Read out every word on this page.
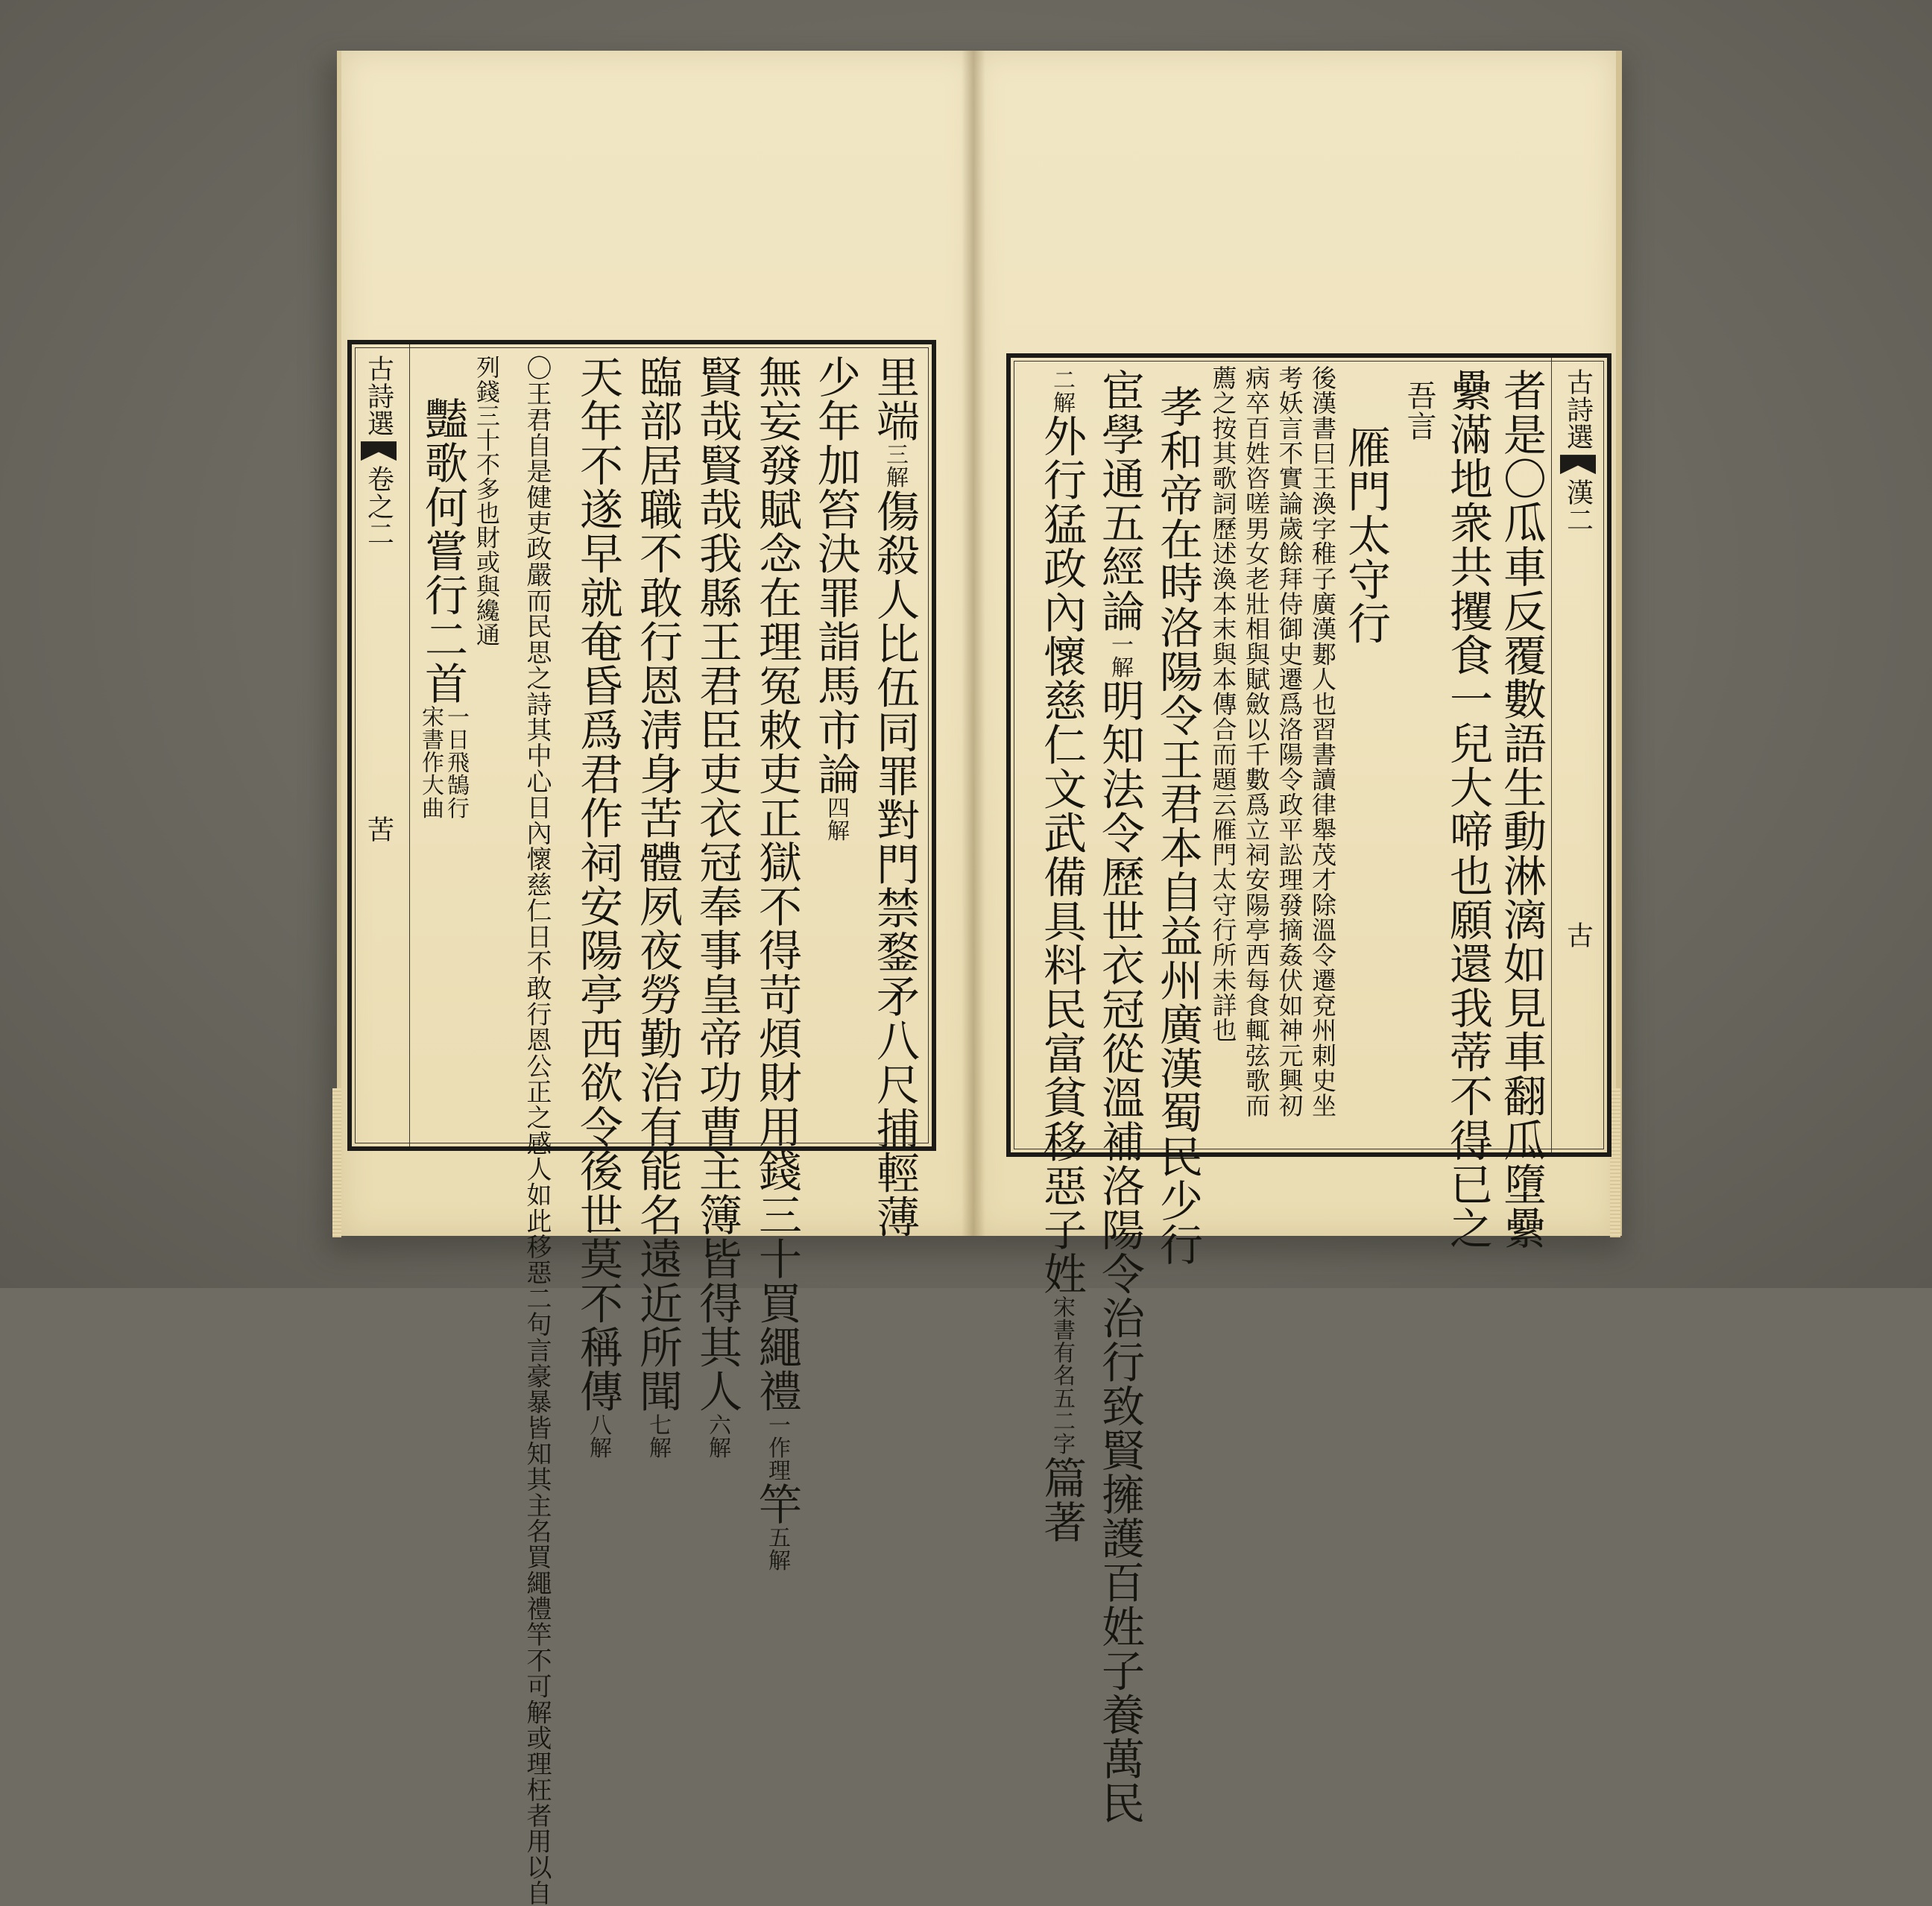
里端
三解
傷殺人比伍同罪對門禁鍪矛八尺捕輕薄
少年加笞決罪詣馬市論
四解
無妄發賦念在理冤敕吏正獄不得苛煩財用錢三十買繩禮
一作理
竿
五解
賢哉賢哉我縣王君臣吏衣冠奉事皇帝功曹主簿皆得其人
六解
臨部居職不敢行恩淸身苦體夙夜勞勤治有能名遠近所聞
七解
天年不遂早就奄昏爲君作祠安陽亭西欲令後世莫不稱傳
八解
〇王君自是健吏政嚴而民思之詩其中心日內懷慈仁日不敢行恩公正之感人如此移惡二句言豪暴皆知其主名買繩禮竿不可解或理枉者用以自
列錢三十不多也財或與纔通
豔歌何嘗行二首
一日飛鵠行
宋書作大曲
古詩選
卷之二
苦
古詩選
漢二
古
者是〇瓜車反覆數語生動淋漓如見車翻瓜墮纍
纍滿地衆共攫食一兒大啼也願還我蒂不得已之
吾
言
雁門太守行
後漢書曰王渙字稚子廣漢郪人也習書讀律舉茂才除溫令遷兗州刺史坐考妖言不實論歲餘拜侍御史遷爲洛陽令政平訟理發摘姦伏如神元興初病卒百姓咨嗟男女老壯相與賦斂以千數爲立祠安陽亭西每食輒弦歌而薦之按其歌詞歷述渙本末與本傳合而題云雁門太守行所未詳也
孝和帝在時洛陽令王君本自益州廣漢蜀民少行
宦學通五經論
一解
明知法令歷世衣冠從溫補洛陽令治行致賢擁護百姓子養萬民
二解
外行猛政內懷慈仁文武備具料民富貧移惡子姓
宋書有名五二字
篇著
